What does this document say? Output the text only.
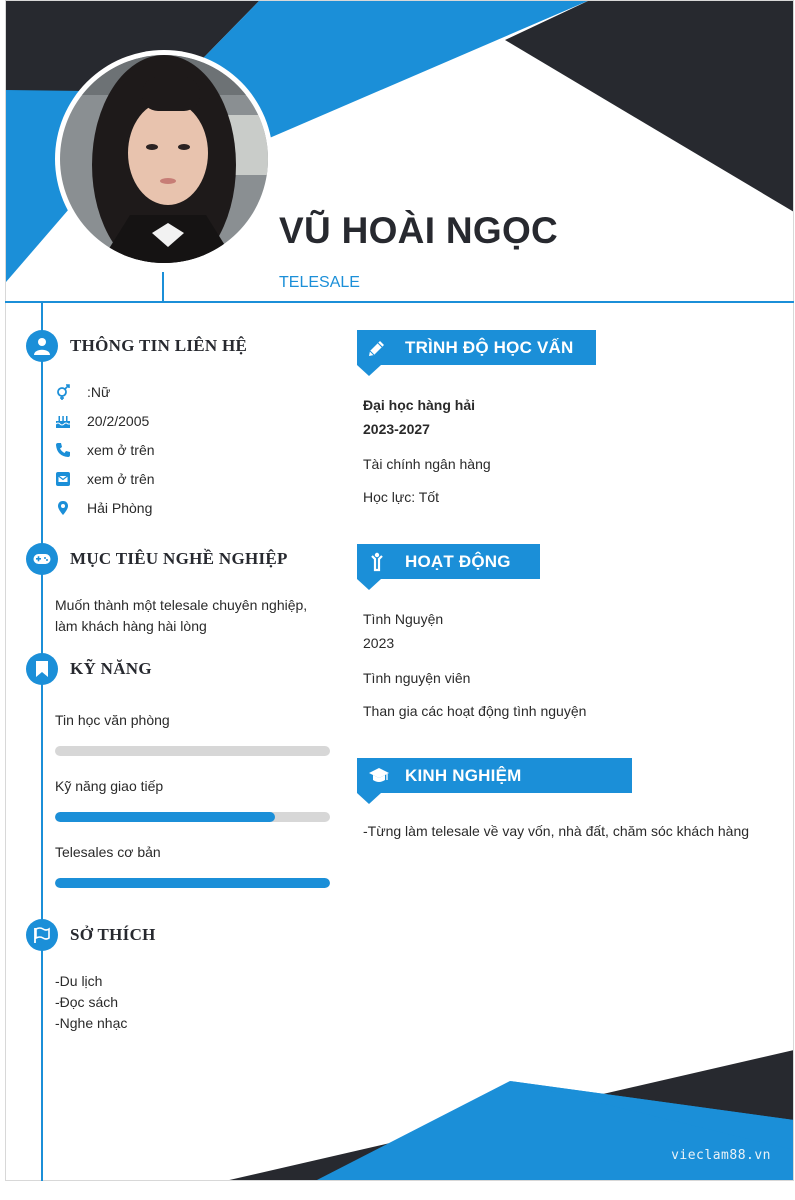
VŨ HOÀI NGỌC
TELESALE
THÔNG TIN LIÊN HỆ
:Nữ
20/2/2005
xem ở trên
xem ở trên
Hải Phòng
MỤC TIÊU NGHỀ NGHIỆP
Muốn thành một telesale chuyên nghiệp,
làm khách hàng hài lòng
KỸ NĂNG
Tin học văn phòng
Kỹ năng giao tiếp
Telesales cơ bản
SỞ THÍCH
-Du lịch
-Đọc sách
-Nghe nhạc
TRÌNH ĐỘ HỌC VẤN
Đại học hàng hải
2023-2027
Tài chính ngân hàng
Học lực: Tốt
HOẠT ĐỘNG
Tình Nguyện
2023
Tình nguyện viên
Than gia các hoạt động tình nguyện
KINH NGHIỆM
-Từng làm telesale về vay vốn, nhà đất, chăm sóc khách hàng
vieclam88.vn
